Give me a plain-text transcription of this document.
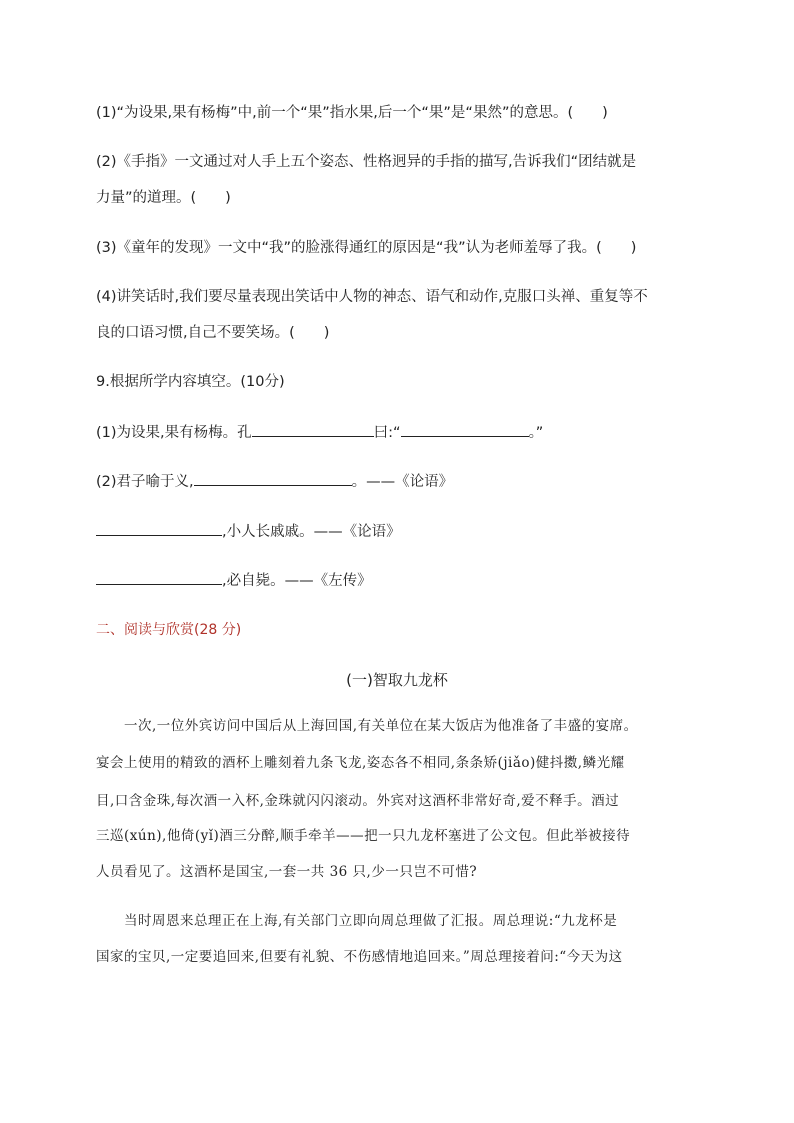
(1)“为设果,果有杨梅”中,前一个“果”指水果,后一个“果”是“果然”的意思。(　　)
(2)《手指》一文通过对人手上五个姿态、性格迥异的手指的描写,告诉我们“团结就是
力量”的道理。(　　)
(3)《童年的发现》一文中“我”的脸涨得通红的原因是“我”认为老师羞辱了我。(　　)
(4)讲笑话时,我们要尽量表现出笑话中人物的神态、语气和动作,克服口头禅、重复等不
良的口语习惯,自己不要笑场。(　　)
9.根据所学内容填空。(10分)
(1)为设果,果有杨梅。孔	曰:“	。”
(2)君子喻于义,	。——《论语》
,小人长戚戚。——《论语》
,必自毙。——《左传》
二、阅读与欣赏(28 分)
(一)智取九龙杯
一次,一位外宾访问中国后从上海回国,有关单位在某大饭店为他准备了丰盛的宴席。
宴会上使用的精致的酒杯上雕刻着九条飞龙,姿态各不相同,条条矫(jiǎo)健抖擞,鳞光耀
目,口含金珠,每次酒一入杯,金珠就闪闪滚动。外宾对这酒杯非常好奇,爱不释手。酒过
三巡(xún),他倚(yǐ)酒三分醉,顺手牵羊——把一只九龙杯塞进了公文包。但此举被接待
人员看见了。这酒杯是国宝,一套一共 36 只,少一只岂不可惜?
当时周恩来总理正在上海,有关部门立即向周总理做了汇报。周总理说:“九龙杯是
国家的宝贝,一定要追回来,但要有礼貌、不伤感情地追回来。”周总理接着问:“今天为这
